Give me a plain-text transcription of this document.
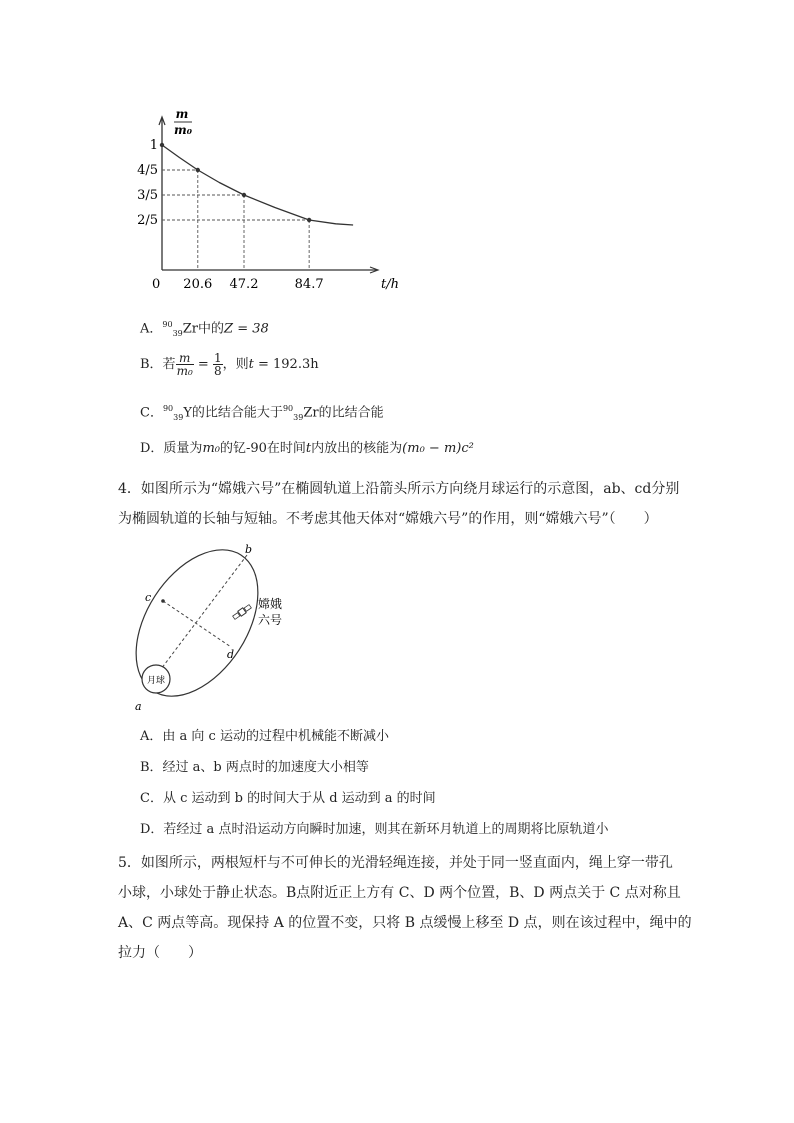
m
m₀
t/h
0
1
20.6
4/5
47.2
3/5
84.7
2/5
A．$^{90}_{39}$Zr中的Z = 38
B．若 $\frac{m}{\text{m₀}} = \frac{1}{8}$ ，则t = 192.3h
C．$^{90}_{39}$Y的比结合能大于$^{90}_{39}$Zr的比结合能
D．质量为m₀的钇-90在时间t内放出的核能为(m₀ − m)c²
4．如图所示为“嫦娥六号”在椭圆轨道上沿箭头所示方向绕月球运行的示意图，ab、cd分别
为椭圆轨道的长轴与短轴。不考虑其他天体对“嫦娥六号”的作用，则“嫦娥六号”（　　）
月球
b
c
d
a
嫦娥
六号
A．由 a 向 c 运动的过程中机械能不断减小
B．经过 a、b 两点时的加速度大小相等
C．从 c 运动到 b 的时间大于从 d 运动到 a 的时间
D．若经过 a 点时沿运动方向瞬时加速，则其在新环月轨道上的周期将比原轨道小
5．如图所示，两根短杆与不可伸长的光滑轻绳连接，并处于同一竖直面内，绳上穿一带孔
小球，小球处于静止状态。B点附近正上方有 C、D 两个位置，B、D 两点关于 C 点对称且
A、C 两点等高。现保持 A 的位置不变，只将 B 点缓慢上移至 D 点，则在该过程中，绳中的
拉力（　　）
